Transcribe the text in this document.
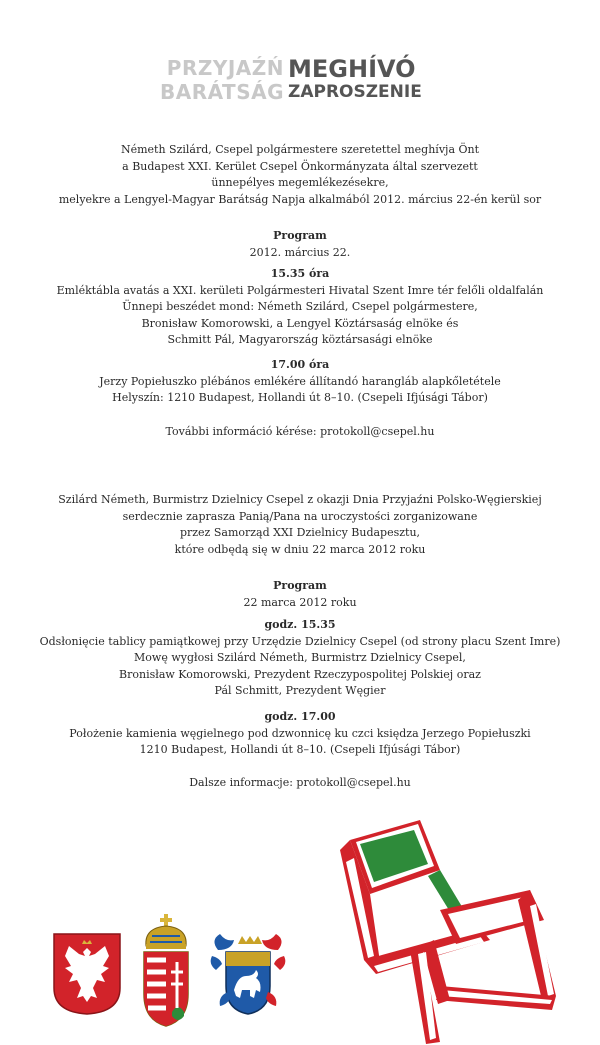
PRZYJAŹŃ
BARÁTSÁG
MEGHÍVÓ
ZAPROSZENIE
Németh Szilárd, Csepel polgármestere szeretettel meghívja Önt
a Budapest XXI. Kerület Csepel Önkormányzata által szervezett
ünnepélyes megemlékezésekre,
melyekre a Lengyel-Magyar Barátság Napja alkalmából 2012. március 22-én kerül sor
Program
2012. március 22.
15.35 óra
Emléktábla avatás a XXI. kerületi Polgármesteri Hivatal Szent Imre tér felőli oldalfalán
Ünnepi beszédet mond: Németh Szilárd, Csepel polgármestere,
Bronisław Komorowski, a Lengyel Köztársaság elnöke és
Schmitt Pál, Magyarország köztársasági elnöke
17.00 óra
Jerzy Popiełuszko plébános emlékére állítandó harangláb alapkőletétele
Helyszín: 1210 Budapest, Hollandi út 8–10. (Csepeli Ifjúsági Tábor)
További információ kérése: protokoll@csepel.hu
Szilárd Németh, Burmistrz Dzielnicy Csepel z okazji Dnia Przyjaźni Polsko-Węgierskiej
serdecznie zaprasza Panią/Pana na uroczystości zorganizowane
przez Samorząd XXI Dzielnicy Budapesztu,
które odbędą się w dniu 22 marca 2012 roku
Program
22 marca 2012 roku
godz. 15.35
Odsłonięcie tablicy pamiątkowej przy Urzędzie Dzielnicy Csepel (od strony placu Szent Imre)
Mowę wygłosi Szilárd Németh, Burmistrz Dzielnicy Csepel,
Bronisław Komorowski, Prezydent Rzeczypospolitej Polskiej oraz
Pál Schmitt, Prezydent Węgier
godz. 17.00
Położenie kamienia węgielnego pod dzwonnicę ku czci księdza Jerzego Popiełuszki
1210 Budapest, Hollandi út 8–10. (Csepeli Ifjúsági Tábor)
Dalsze informacje: protokoll@csepel.hu
